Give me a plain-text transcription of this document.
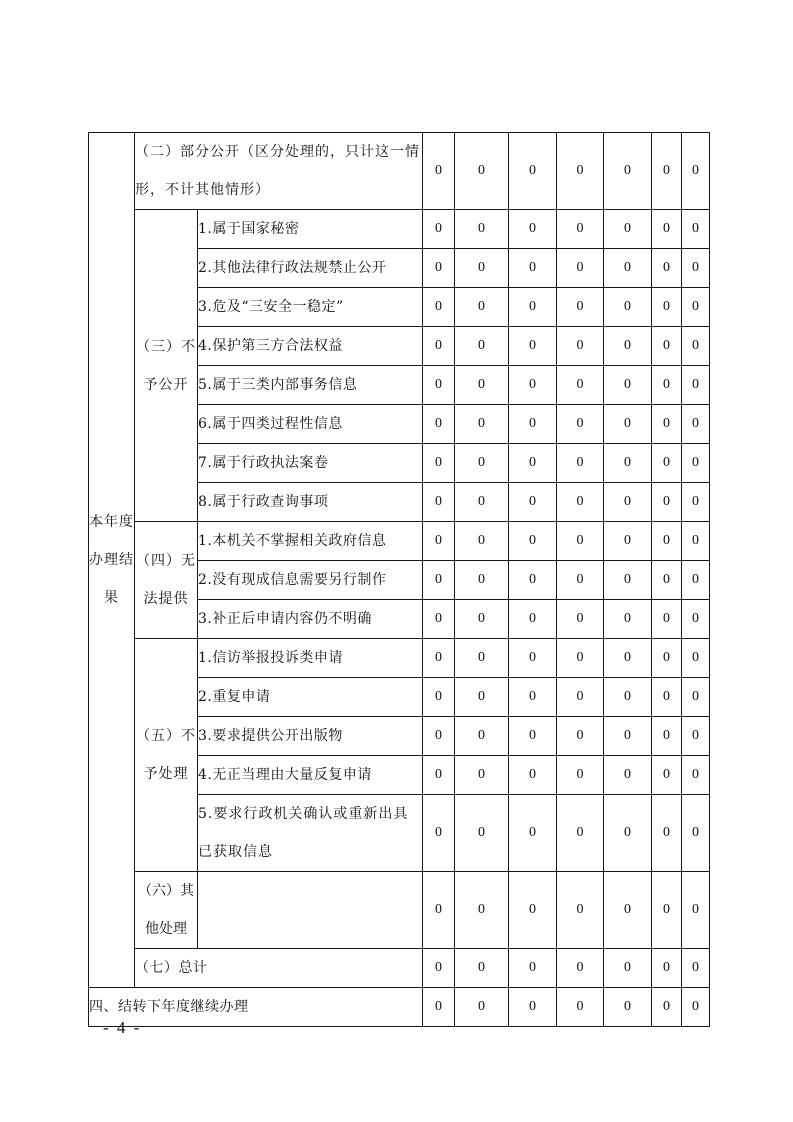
本年度办理结果	（二）部分公开（区分处理的，只计这一情形，不计其他情形）		0	0	0	0	0	0	0
	（三）不予公开	1.属于国家秘密	0	0	0	0	0	0	0
		2.其他法律行政法规禁止公开	0	0	0	0	0	0	0
		3.危及“三安全一稳定”	0	0	0	0	0	0	0
		4.保护第三方合法权益	0	0	0	0	0	0	0
		5.属于三类内部事务信息	0	0	0	0	0	0	0
		6.属于四类过程性信息	0	0	0	0	0	0	0
		7.属于行政执法案卷	0	0	0	0	0	0	0
		8.属于行政查询事项	0	0	0	0	0	0	0
	（四）无法提供	1.本机关不掌握相关政府信息	0	0	0	0	0	0	0
		2.没有现成信息需要另行制作	0	0	0	0	0	0	0
		3.补正后申请内容仍不明确	0	0	0	0	0	0	0
	（五）不予处理	1.信访举报投诉类申请	0	0	0	0	0	0	0
		2.重复申请	0	0	0	0	0	0	0
		3.要求提供公开出版物	0	0	0	0	0	0	0
		4.无正当理由大量反复申请	0	0	0	0	0	0	0
		5.要求行政机关确认或重新出具已获取信息	0	0	0	0	0	0	0
	（六）其他处理		0	0	0	0	0	0	0
	（七）总计		0	0	0	0	0	0	0
四、结转下年度继续办理			0	0	0	0	0	0	0
- 4 -
